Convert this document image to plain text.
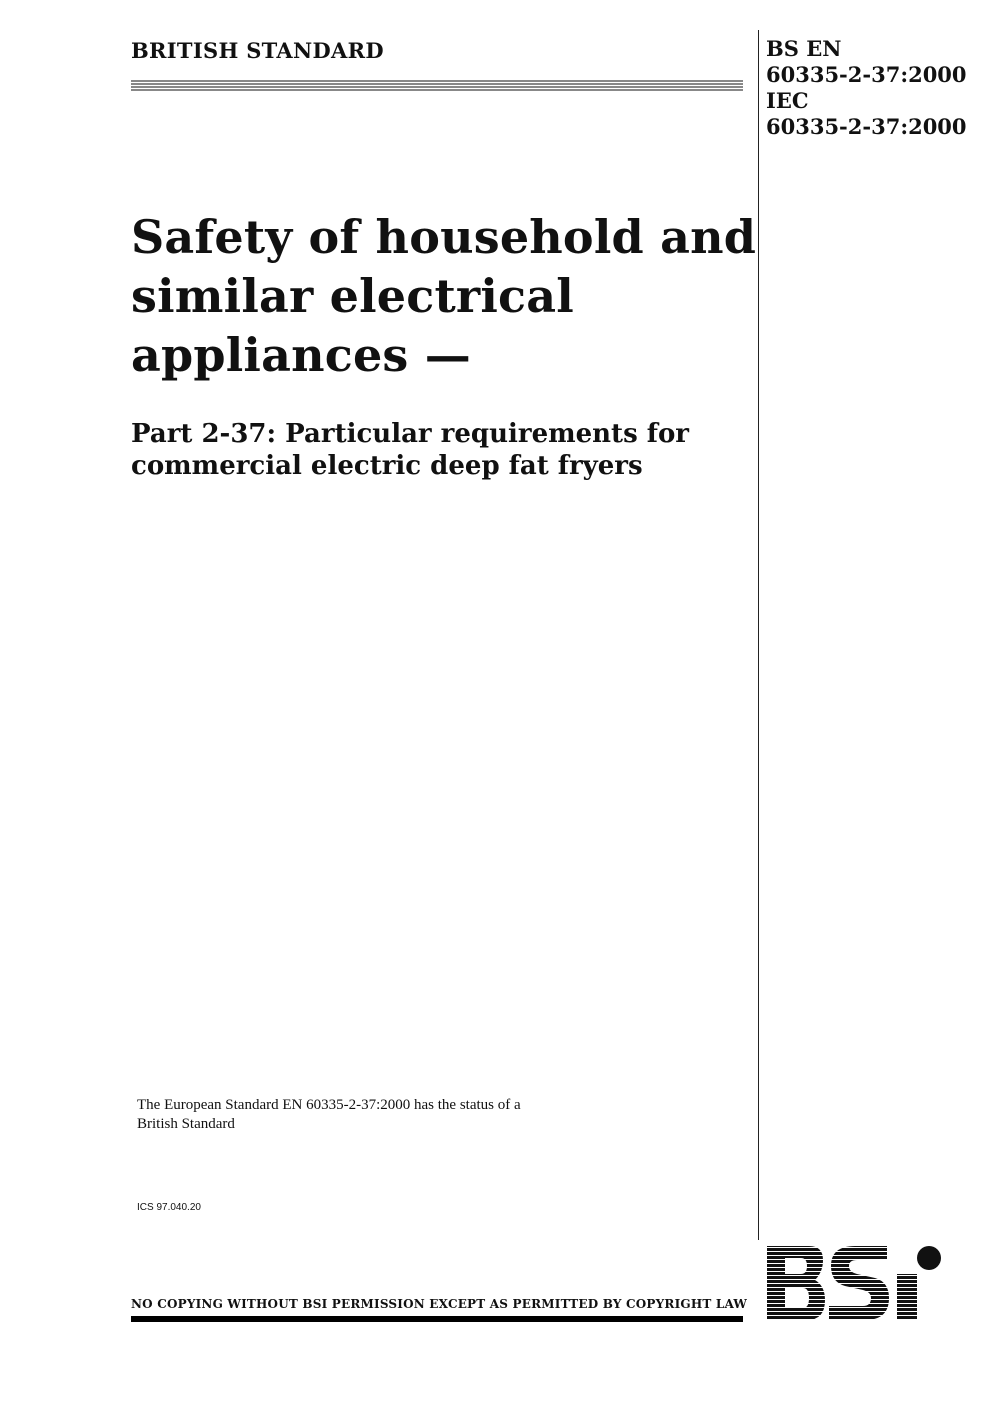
BRITISH STANDARD	BS EN
60335-2-37:2000
IEC
60335-2-37:2000
Safety of household and
similar electrical
appliances —
Part 2-37: Particular requirements for
commercial electric deep fat fryers
The European Standard EN 60335-2-37:2000 has the status of a
British Standard
ICS 97.040.20
NO COPYING WITHOUT BSI PERMISSION EXCEPT AS PERMITTED BY COPYRIGHT LAW
